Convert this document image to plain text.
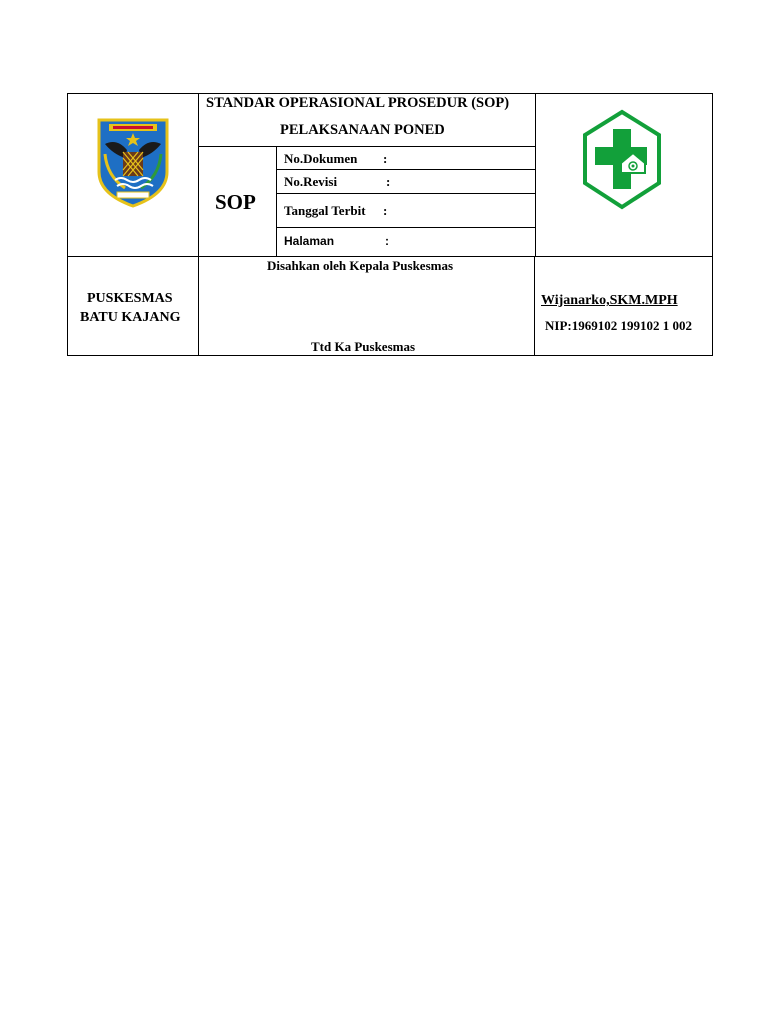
STANDAR OPERASIONAL PROSEDUR (SOP)
PELAKSANAAN PONED
SOP
No.Dokumen :
No.Revisi	:
Tanggal Terbit :
Halaman	:
PUSKESMAS
BATU KAJANG
Disahkan oleh Kepala Puskesmas
Ttd Ka Puskesmas
Wijanarko,SKM.MPH
NIP:1969102 199102 1 002
